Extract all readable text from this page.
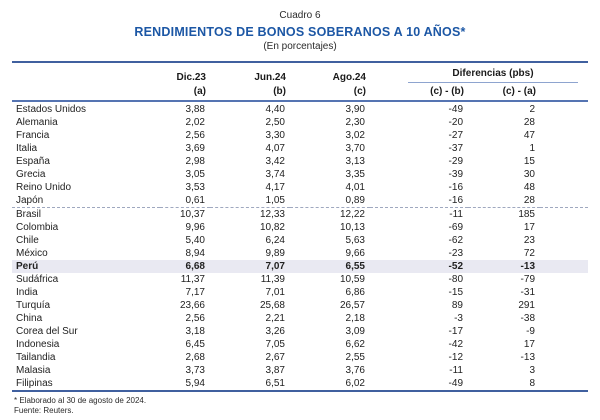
Cuadro 6
RENDIMIENTOS DE BONOS SOBERANOS A 10 AÑOS*
(En porcentajes)
	Dic.23	Jun.24	Ago.24	Diferencias (pbs)		

	(a)	(b)	(c)	(c) - (b)	(c) - (a)	
Estados Unidos	3,88	4,40	3,90	-49	2	
Alemania	2,02	2,50	2,30	-20	28	
Francia	2,56	3,30	3,02	-27	47	
Italia	3,69	4,07	3,70	-37	1	
España	2,98	3,42	3,13	-29	15	
Grecia	3,05	3,74	3,35	-39	30	
Reino Unido	3,53	4,17	4,01	-16	48	
Japón	0,61	1,05	0,89	-16	28	
Brasil	10,37	12,33	12,22	-11	185	
Colombia	9,96	10,82	10,13	-69	17	
Chile	5,40	6,24	5,63	-62	23	
México	8,94	9,89	9,66	-23	72	
Perú	6,68	7,07	6,55	-52	-13	
Sudáfrica	11,37	11,39	10,59	-80	-79	
India	7,17	7,01	6,86	-15	-31	
Turquía	23,66	25,68	26,57	89	291	
China	2,56	2,21	2,18	-3	-38	
Corea del Sur	3,18	3,26	3,09	-17	-9	
Indonesia	6,45	7,05	6,62	-42	17	
Tailandia	2,68	2,67	2,55	-12	-13	
Malasia	3,73	3,87	3,76	-11	3	
Filipinas	5,94	6,51	6,02	-49	8	
* Elaborado al 30 de agosto de 2024.
Fuente: Reuters.
